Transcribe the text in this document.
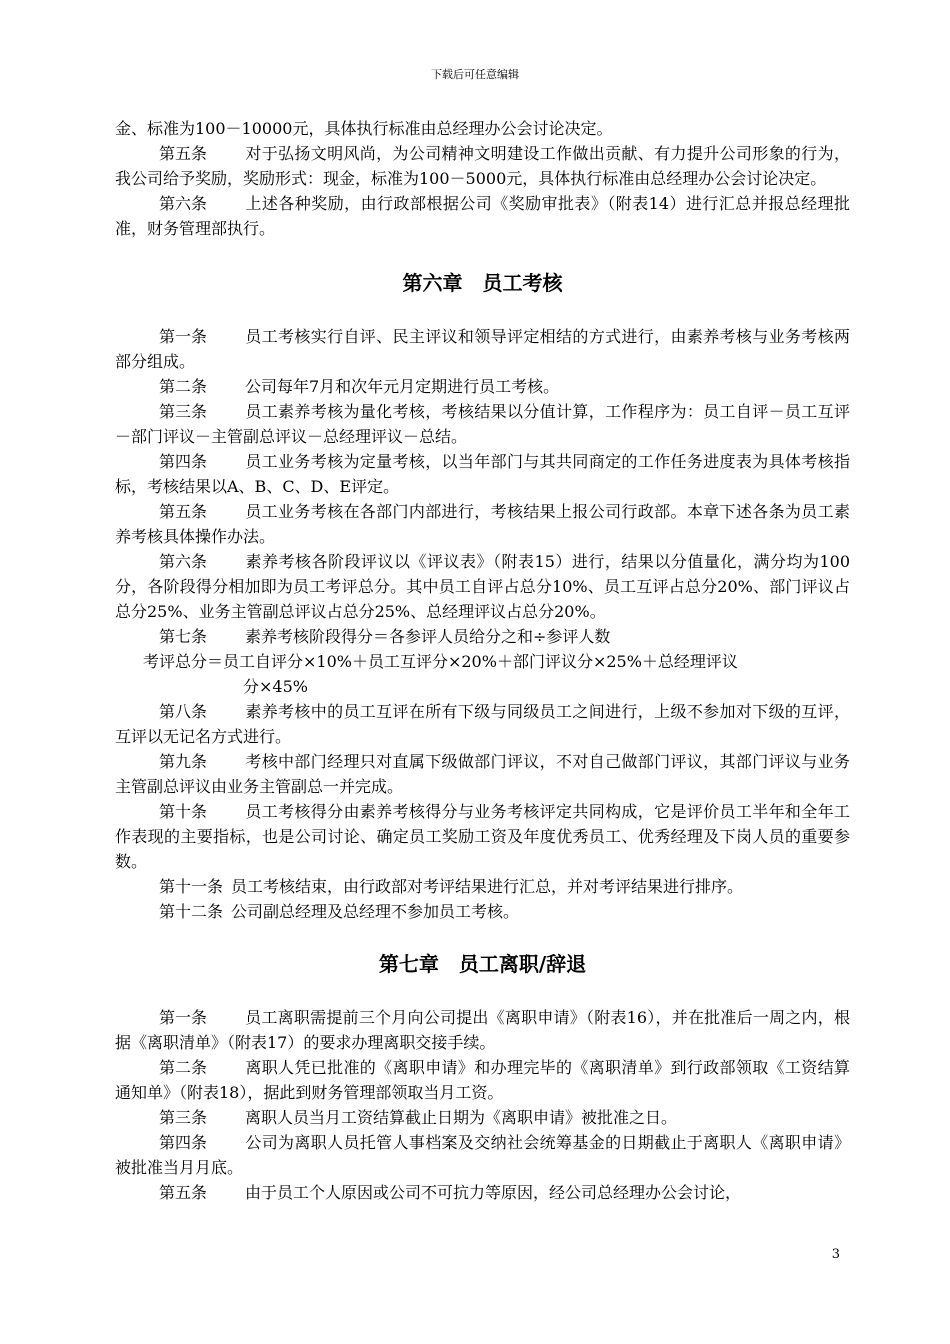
下载后可任意编辑

金、标准为100－10000元，具体执行标准由总经理办公会讨论决定。

第五条 对于弘扬文明风尚，为公司精神文明建设工作做出贡献、有力提升公司形象的行为，我公司给予奖励，奖励形式：现金，标准为100－5000元，具体执行标准由总经理办公会讨论决定。

第六条 上述各种奖励，由行政部根据公司《奖励审批表》（附表14）进行汇总并报总经理批准，财务管理部执行。

第六章　员工考核

第一条 员工考核实行自评、民主评议和领导评定相结的方式进行，由素养考核与业务考核两部分组成。

第二条 公司每年7月和次年元月定期进行员工考核。

第三条 员工素养考核为量化考核，考核结果以分值计算，工作程序为：员工自评－员工互评－部门评议－主管副总评议－总经理评议－总结。

第四条 员工业务考核为定量考核，以当年部门与其共同商定的工作任务进度表为具体考核指标，考核结果以A、B、C、D、E评定。

第五条 员工业务考核在各部门内部进行，考核结果上报公司行政部。本章下述各条为员工素养考核具体操作办法。

第六条 素养考核各阶段评议以《评议表》（附表15）进行，结果以分值量化，满分均为100分，各阶段得分相加即为员工考评总分。其中员工自评占总分10%、员工互评占总分20%、部门评议占总分25%、业务主管副总评议占总分25%、总经理评议占总分20%。

第七条 素养考核阶段得分＝各参评人员给分之和÷参评人数

考评总分＝员工自评分×10%＋员工互评分×20%＋部门评议分×25%＋总经理评议

分×45%

第八条 素养考核中的员工互评在所有下级与同级员工之间进行，上级不参加对下级的互评，互评以无记名方式进行。

第九条 考核中部门经理只对直属下级做部门评议，不对自己做部门评议，其部门评议与业务主管副总评议由业务主管副总一并完成。

第十条 员工考核得分由素养考核得分与业务考核评定共同构成，它是评价员工半年和全年工作表现的主要指标，也是公司讨论、确定员工奖励工资及年度优秀员工、优秀经理及下岗人员的重要参数。

第十一条 员工考核结束，由行政部对考评结果进行汇总，并对考评结果进行排序。

第十二条 公司副总经理及总经理不参加员工考核。

第七章　员工离职/辞退

第一条 员工离职需提前三个月向公司提出《离职申请》（附表16），并在批准后一周之内，根据《离职清单》（附表17）的要求办理离职交接手续。

第二条 离职人凭已批准的《离职申请》和办理完毕的《离职清单》到行政部领取《工资结算通知单》（附表18），据此到财务管理部领取当月工资。

第三条 离职人员当月工资结算截止日期为《离职申请》被批准之日。

第四条 公司为离职人员托管人事档案及交纳社会统筹基金的日期截止于离职人《离职申请》被批准当月月底。

第五条 由于员工个人原因或公司不可抗力等原因，经公司总经理办公会讨论，

3
